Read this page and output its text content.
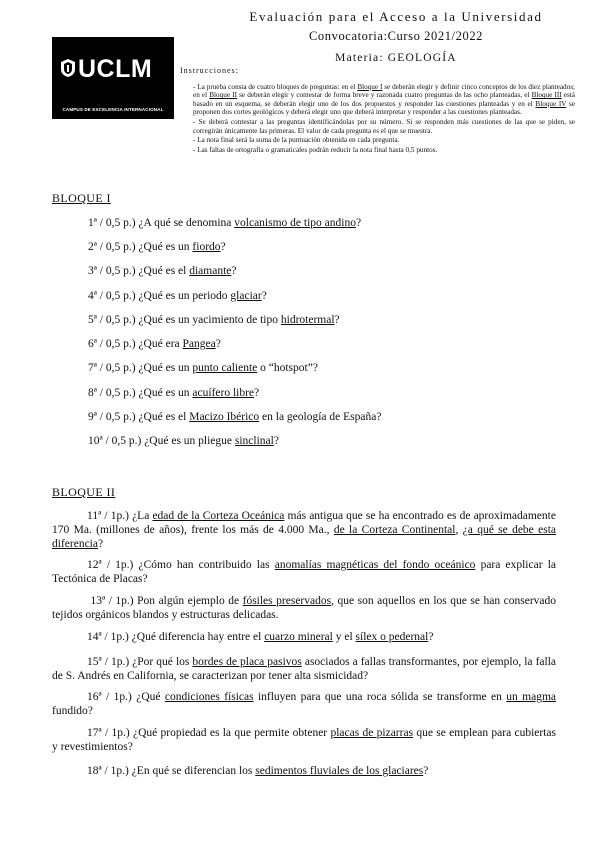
Evaluación para el Acceso a la Universidad
Convocatoria:Curso 2021/2022
Materia: GEOLOGÍA
UCLM
CAMPUS DE EXCELENCIA INTERNACIONAL
Instrucciones:

- La prueba consta de cuatro bloques de preguntas: en el Bloque I se deberán elegir y definir cinco conceptos de los diez planteados; en el Bloque II se deberán elegir y contestar de forma breve y razonada cuatro preguntas de las ocho planteadas, el Bloque III está basado en un esquema, se deberán elegir uno de los dos propuestos y responder las cuestiones planteadas y en el Bloque IV se proponen dos cortes geológicos y deberá elegir uno que deberá interpretar y responder a las cuestiones planteadas.

- Se deberá contestar a las preguntas identificándolas por su número. Si se responden más cuestiones de las que se piden, se corregirán únicamente las primeras. El valor de cada pregunta es el que se muestra.

- La nota final será la suma de la puntuación obtenida en cada pregunta.

- Las faltas de ortografía o gramaticales podrán reducir la nota final hasta 0,5 puntos.

BLOQUE I
1ª / 0,5 p.) ¿A qué se denomina volcanismo de tipo andino?
2ª / 0,5 p.) ¿Qué es un fiordo?
3ª / 0,5 p.) ¿Qué es el diamante?
4ª / 0,5 p.) ¿Qué es un periodo glaciar?
5ª / 0,5 p.) ¿Qué es un yacimiento de tipo hidrotermal?
6ª / 0,5 p.) ¿Qué era Pangea?
7ª / 0,5 p.) ¿Qué es un punto caliente o “hotspot”?
8ª / 0,5 p.) ¿Qué es un acuífero libre?
9ª / 0,5 p.) ¿Qué es el Macizo Ibérico en la geología de España?
10ª / 0,5 p.) ¿Qué es un pliegue sinclinal?
BLOQUE II
11ª / 1p.) ¿La edad de la Corteza Oceánica más antigua que se ha encontrado es de aproximadamente 170 Ma. (millones de años), frente los más de 4.000 Ma., de la Corteza Continental, ¿a qué se debe esta diferencia?
12ª / 1p.) ¿Cómo han contribuido las anomalías magnéticas del fondo oceánico para explicar la Tectónica de Placas?
13ª / 1p.) Pon algún ejemplo de fósiles preservados, que son aquellos en los que se han conservado tejidos orgánicos blandos y estructuras delicadas.
14ª / 1p.) ¿Qué diferencia hay entre el cuarzo mineral y el sílex o pedernal?
15ª / 1p.) ¿Por qué los bordes de placa pasivos asociados a fallas transformantes, por ejemplo, la falla de S. Andrés en California, se caracterizan por tener alta sismicidad?
16ª / 1p.) ¿Qué condiciones físicas influyen para que una roca sólida se transforme en un magma fundido?
17ª / 1p.) ¿Qué propiedad es la que permite obtener placas de pizarras que se emplean para cubiertas y revestimientos?
18ª / 1p.) ¿En qué se diferencian los sedimentos fluviales de los glaciares?
